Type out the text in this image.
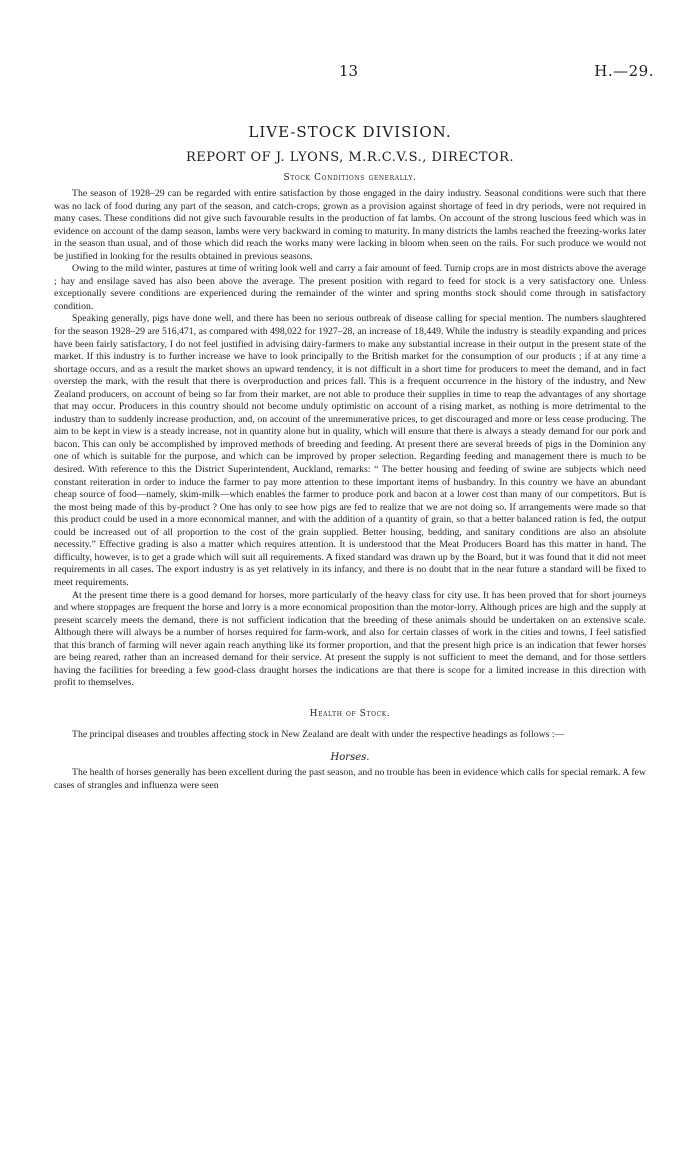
13	H.—29.
LIVE-STOCK DIVISION.
REPORT OF J. LYONS, M.R.C.V.S., DIRECTOR.
Stock Conditions generally.

The season of 1928–29 can be regarded with entire satisfaction by those engaged in the dairy industry. Seasonal conditions were such that there was no lack of food during any part of the season, and catch-crops, grown as a provision against shortage of feed in dry periods, were not required in many cases. These conditions did not give such favourable results in the production of fat lambs. On account of the strong luscious feed which was in evidence on account of the damp season, lambs were very backward in coming to maturity. In many districts the lambs reached the freezing-works later in the season than usual, and of those which did reach the works many were lacking in bloom when seen on the rails. For such produce we would not be justified in looking for the results obtained in previous seasons.

Owing to the mild winter, pastures at time of writing look well and carry a fair amount of feed. Turnip crops are in most districts above the average ; hay and ensilage saved has also been above the average. The present position with regard to feed for stock is a very satisfactory one. Unless exceptionally severe conditions are experienced during the remainder of the winter and spring months stock should come through in satisfactory condition.

Speaking generally, pigs have done well, and there has been no serious outbreak of disease calling for special mention. The numbers slaughtered for the season 1928–29 are 516,471, as compared with 498,022 for 1927–28, an increase of 18,449. While the industry is steadily expanding and prices have been fairly satisfactory, I do not feel justified in advising dairy-farmers to make any substantial increase in their output in the present state of the market. If this industry is to further increase we have to look principally to the British market for the consumption of our products ; if at any time a shortage occurs, and as a result the market shows an upward tendency, it is not difficult in a short time for producers to meet the demand, and in fact overstep the mark, with the result that there is overproduction and prices fall. This is a frequent occurrence in the history of the industry, and New Zealand producers, on account of being so far from their market, are not able to produce their supplies in time to reap the advantages of any shortage that may occur. Producers in this country should not become unduly optimistic on account of a rising market, as nothing is more detrimental to the industry than to suddenly increase production, and, on account of the unremunerative prices, to get discouraged and more or less cease producing. The aim to be kept in view is a steady increase, not in quantity alone but in quality, which will ensure that there is always a steady demand for our pork and bacon. This can only be accomplished by improved methods of breeding and feeding. At present there are several breeds of pigs in the Dominion any one of which is suitable for the purpose, and which can be improved by proper selection. Regarding feeding and management there is much to be desired. With reference to this the District Superintendent, Auckland, remarks: “ The better housing and feeding of swine are subjects which need constant reiteration in order to induce the farmer to pay more attention to these important items of husbandry. In this country we have an abundant cheap source of food—namely, skim-milk—which enables the farmer to produce pork and bacon at a lower cost than many of our competitors. But is the most being made of this by-product ? One has only to see how pigs are fed to realize that we are not doing so. If arrangements were made so that this product could be used in a more economical manner, and with the addition of a quantity of grain, so that a better balanced ration is fed, the output could be increased out of all proportion to the cost of the grain supplied. Better housing, bedding, and sanitary conditions are also an absolute necessity.” Effective grading is also a matter which requires attention. It is understood that the Meat Producers Board has this matter in hand. The difficulty, however, is to get a grade which will suit all requirements. A fixed standard was drawn up by the Board, but it was found that it did not meet requirements in all cases. The export industry is as yet relatively in its infancy, and there is no doubt that in the near future a standard will be fixed to meet requirements.

At the present time there is a good demand for horses, more particularly of the heavy class for city use. It has been proved that for short journeys and where stoppages are frequent the horse and lorry is a more economical proposition than the motor-lorry. Although prices are high and the supply at present scarcely meets the demand, there is not sufficient indication that the breeding of these animals should be undertaken on an extensive scale. Although there will always be a number of horses required for farm-work, and also for certain classes of work in the cities and towns, I feel satisfied that this branch of farming will never again reach anything like its former proportion, and that the present high price is an indication that fewer horses are being reared, rather than an increased demand for their service. At present the supply is not sufficient to meet the demand, and for those settlers having the facilities for breeding a few good-class draught horses the indications are that there is scope for a limited increase in this direction with profit to themselves.

Health of Stock.

The principal diseases and troubles affecting stock in New Zealand are dealt with under the respective headings as follows :—

Horses.

The health of horses generally has been excellent during the past season, and no trouble has been in evidence which calls for special remark. A few cases of strangles and influenza were seen
